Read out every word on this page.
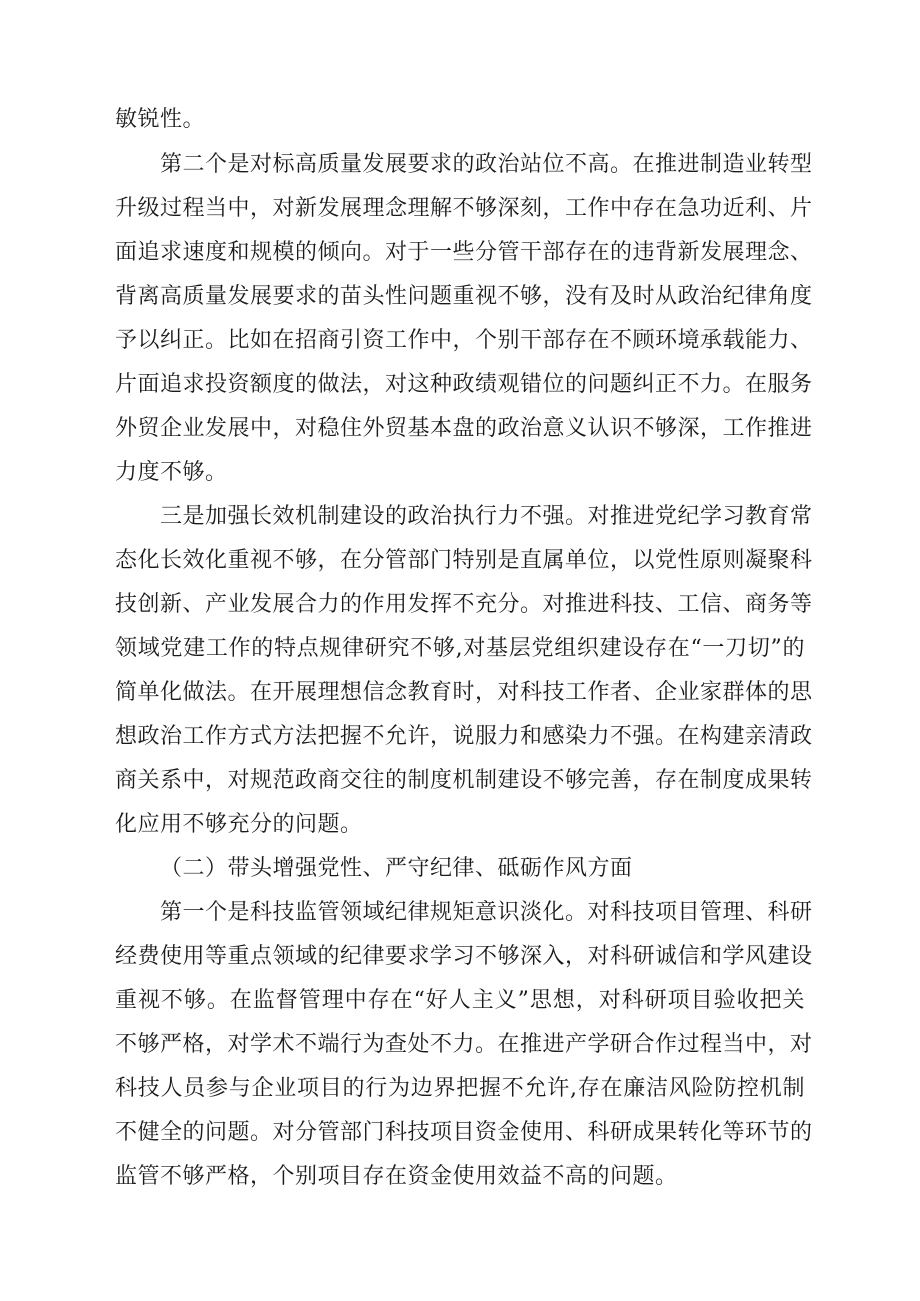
敏锐性。
第二个是对标高质量发展要求的政治站位不高。在推进制造业转型
升级过程当中，对新发展理念理解不够深刻，工作中存在急功近利、片
面追求速度和规模的倾向。对于一些分管干部存在的违背新发展理念、
背离高质量发展要求的苗头性问题重视不够，没有及时从政治纪律角度
予以纠正。比如在招商引资工作中，个别干部存在不顾环境承载能力、
片面追求投资额度的做法，对这种政绩观错位的问题纠正不力。在服务
外贸企业发展中，对稳住外贸基本盘的政治意义认识不够深，工作推进
力度不够。
三是加强长效机制建设的政治执行力不强。对推进党纪学习教育常
态化长效化重视不够，在分管部门特别是直属单位，以党性原则凝聚科
技创新、产业发展合力的作用发挥不充分。对推进科技、工信、商务等
领域党建工作的特点规律研究不够,对基层党组织建设存在“一刀切”的
简单化做法。在开展理想信念教育时，对科技工作者、企业家群体的思
想政治工作方式方法把握不允许，说服力和感染力不强。在构建亲清政
商关系中，对规范政商交往的制度机制建设不够完善，存在制度成果转
化应用不够充分的问题。
（二）带头增强党性、严守纪律、砥砺作风方面
第一个是科技监管领域纪律规矩意识淡化。对科技项目管理、科研
经费使用等重点领域的纪律要求学习不够深入，对科研诚信和学风建设
重视不够。在监督管理中存在“好人主义”思想，对科研项目验收把关
不够严格，对学术不端行为查处不力。在推进产学研合作过程当中，对
科技人员参与企业项目的行为边界把握不允许,存在廉洁风险防控机制
不健全的问题。对分管部门科技项目资金使用、科研成果转化等环节的
监管不够严格，个别项目存在资金使用效益不高的问题。
